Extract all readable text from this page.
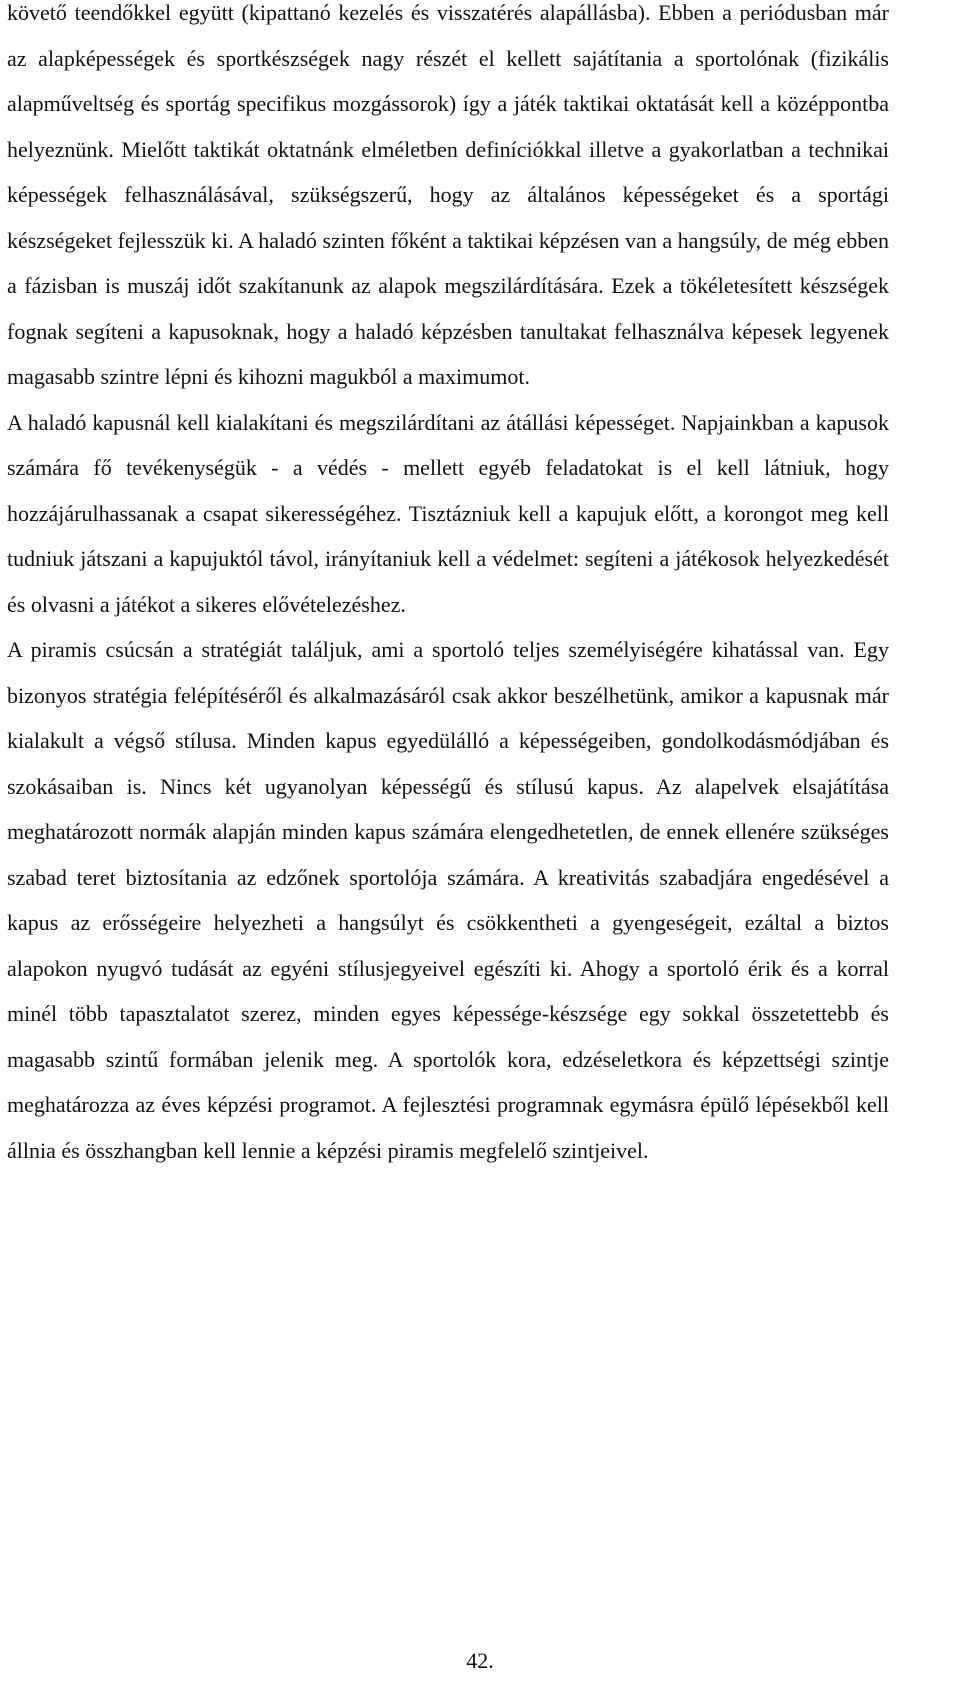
követő teendőkkel együtt (kipattanó kezelés és visszatérés alapállásba). Ebben a periódusban már az alapképességek és sportkészségek nagy részét el kellett sajátítania a sportolónak (fizikális alapműveltség és sportág specifikus mozgássorok) így a játék taktikai oktatását kell a középpontba helyeznünk. Mielőtt taktikát oktatnánk elméletben definíciókkal illetve a gyakorlatban a technikai képességek felhasználásával, szükségszerű, hogy az általános képességeket és a sportági készségeket fejlesszük ki. A haladó szinten főként a taktikai képzésen van a hangsúly, de még ebben a fázisban is muszáj időt szakítanunk az alapok megszilárdítására. Ezek a tökéletesített készségek fognak segíteni a kapusoknak, hogy a haladó képzésben tanultakat felhasználva képesek legyenek magasabb szintre lépni és kihozni magukból a maximumot.

A haladó kapusnál kell kialakítani és megszilárdítani az átállási képességet. Napjainkban a kapusok számára fő tevékenységük - a védés - mellett egyéb feladatokat is el kell látniuk, hogy hozzájárulhassanak a csapat sikerességéhez. Tisztázniuk kell a kapujuk előtt, a korongot meg kell tudniuk játszani a kapujuktól távol, irányítaniuk kell a védelmet: segíteni a játékosok helyezkedését és olvasni a játékot a sikeres elővételezéshez.

A piramis csúcsán a stratégiát találjuk, ami a sportoló teljes személyiségére kihatással van. Egy bizonyos stratégia felépítéséről és alkalmazásáról csak akkor beszélhetünk, amikor a kapusnak már kialakult a végső stílusa. Minden kapus egyedülálló a képességeiben, gondolkodásmódjában és szokásaiban is. Nincs két ugyanolyan képességű és stílusú kapus. Az alapelvek elsajátítása meghatározott normák alapján minden kapus számára elengedhetetlen, de ennek ellenére szükséges szabad teret biztosítania az edzőnek sportolója számára. A kreativitás szabadjára engedésével a kapus az erősségeire helyezheti a hangsúlyt és csökkentheti a gyengeségeit, ezáltal a biztos alapokon nyugvó tudását az egyéni stílusjegyeivel egészíti ki. Ahogy a sportoló érik és a korral minél több tapasztalatot szerez, minden egyes képessége-készsége egy sokkal összetettebb és magasabb szintű formában jelenik meg. A sportolók kora, edzéseletkora és képzettségi szintje meghatározza az éves képzési programot. A fejlesztési programnak egymásra épülő lépésekből kell állnia és összhangban kell lennie a képzési piramis megfelelő szintjeivel.

42.
